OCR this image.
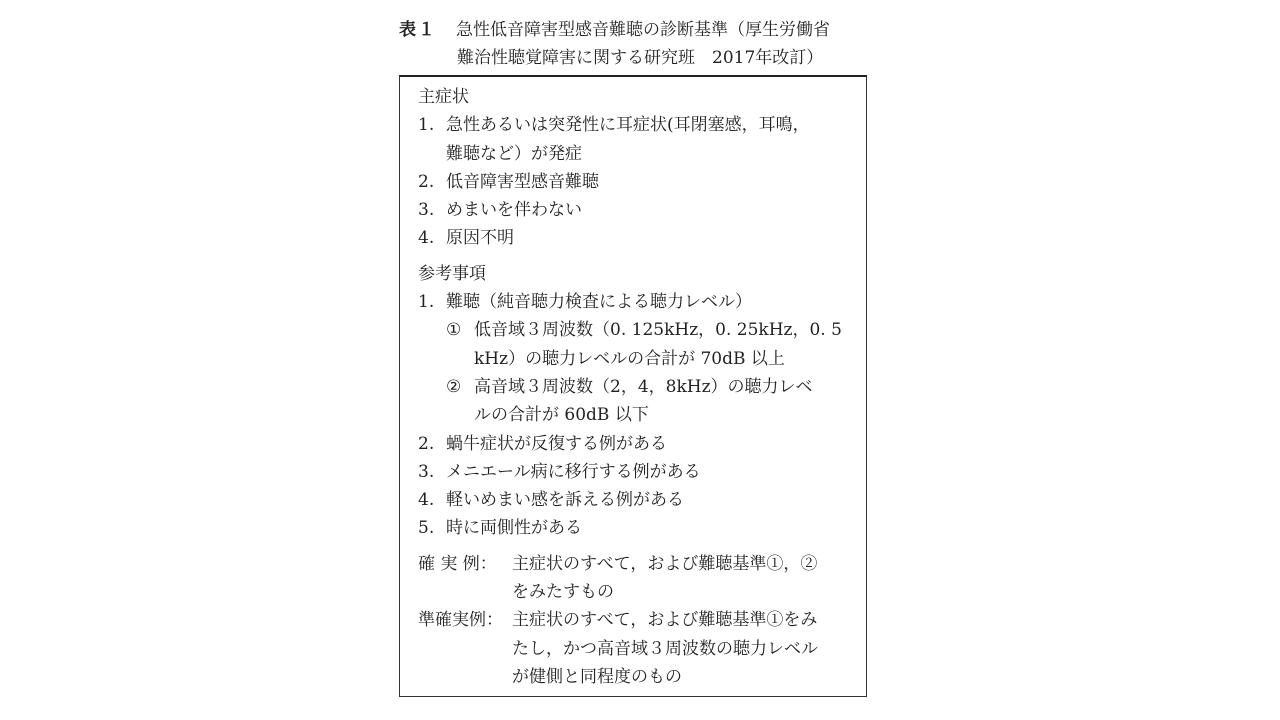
表１ 急性低音障害型感音難聴の診断基準（厚生労働省
難治性聴覚障害に関する研究班　2017年改訂）
主症状
1. 急性あるいは突発性に耳症状(耳閉塞感，耳鳴，
難聴など）が発症
2. 低音障害型感音難聴
3. めまいを伴わない
4. 原因不明
参考事項
1. 難聴（純音聴力検査による聴力レベル）
① 低音域３周波数（0. 125kHz，0. 25kHz，0. 5
kHz）の聴力レベルの合計が 70dB 以上
② 高音域３周波数（2，4，8kHz）の聴力レベ
ルの合計が 60dB 以下
2. 蝸牛症状が反復する例がある
3. メニエール病に移行する例がある
4. 軽いめまい感を訴える例がある
5. 時に両側性がある
確 実 例： 主症状のすべて，および難聴基準①，②
をみたすもの
準確実例： 主症状のすべて，および難聴基準①をみ
たし，かつ高音域３周波数の聴力レベル
が健側と同程度のもの
